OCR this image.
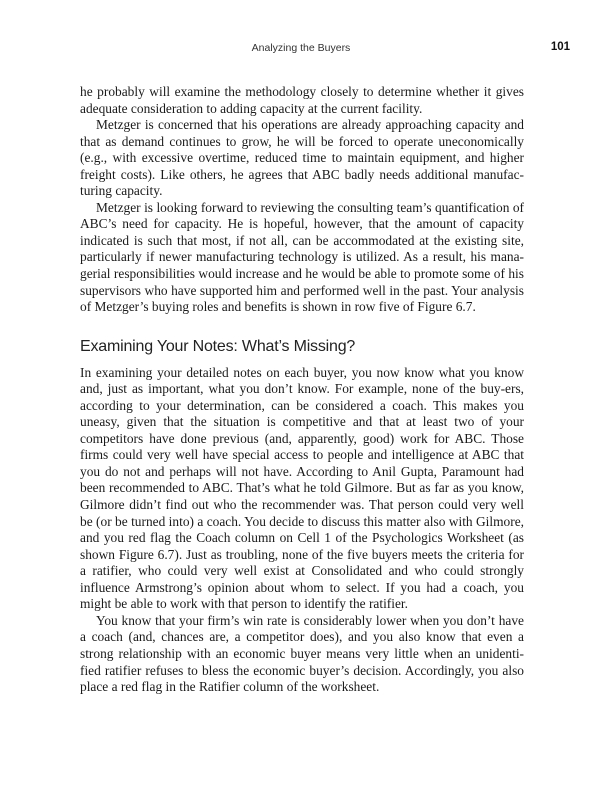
Analyzing the Buyers	101

he probably will examine the methodology closely to determine whether it gives adequate consideration to adding capacity at the current facility.

Metzger is concerned that his operations are already approaching capacity and that as demand continues to grow, he will be forced to operate uneconomically (e.g., with excessive overtime, reduced time to maintain equipment, and higher freight costs). Like others, he agrees that ABC badly needs additional manufac-turing capacity.

Metzger is looking forward to reviewing the consulting team’s quantification of ABC’s need for capacity. He is hopeful, however, that the amount of capacity indicated is such that most, if not all, can be accommodated at the existing site, particularly if newer manufacturing technology is utilized. As a result, his mana-gerial responsibilities would increase and he would be able to promote some of his supervisors who have supported him and performed well in the past. Your analysis of Metzger’s buying roles and benefits is shown in row five of Figure 6.7.

Examining Your Notes: What’s Missing?

In examining your detailed notes on each buyer, you now know what you know and, just as important, what you don’t know. For example, none of the buy-ers, according to your determination, can be considered a coach. This makes you uneasy, given that the situation is competitive and that at least two of your competitors have done previous (and, apparently, good) work for ABC. Those firms could very well have special access to people and intelligence at ABC that you do not and perhaps will not have. According to Anil Gupta, Paramount had been recommended to ABC. That’s what he told Gilmore. But as far as you know, Gilmore didn’t find out who the recommender was. That person could very well be (or be turned into) a coach. You decide to discuss this matter also with Gilmore, and you red flag the Coach column on Cell 1 of the Psychologics Worksheet (as shown Figure 6.7). Just as troubling, none of the five buyers meets the criteria for a ratifier, who could very well exist at Consolidated and who could strongly influence Armstrong’s opinion about whom to select. If you had a coach, you might be able to work with that person to identify the ratifier.

You know that your firm’s win rate is considerably lower when you don’t have a coach (and, chances are, a competitor does), and you also know that even a strong relationship with an economic buyer means very little when an unidenti-fied ratifier refuses to bless the economic buyer’s decision. Accordingly, you also place a red flag in the Ratifier column of the worksheet.
